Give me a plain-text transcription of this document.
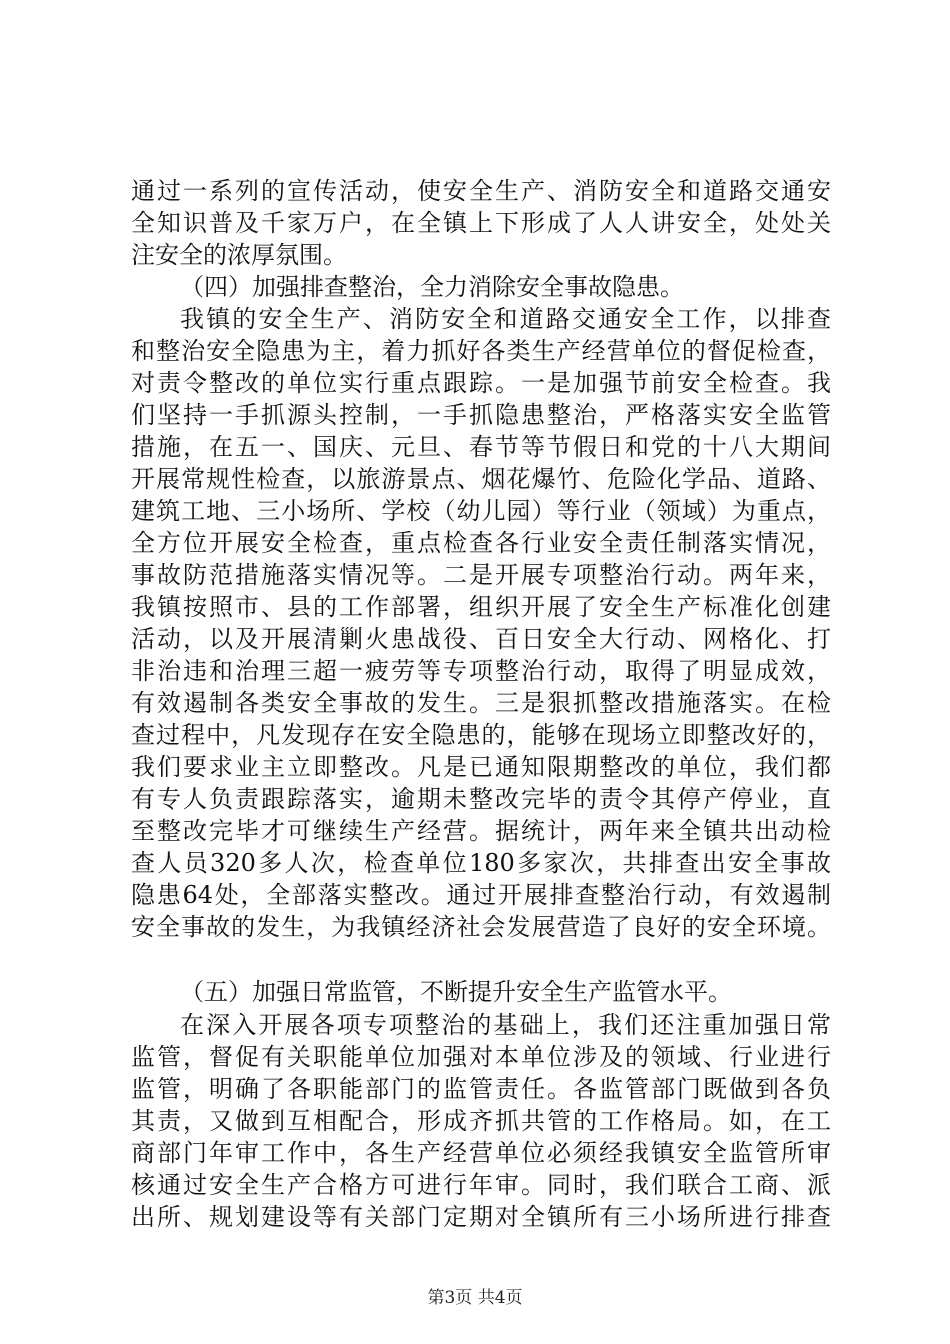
通过一系列的宣传活动，使安全生产、消防安全和道路交通安
全知识普及千家万户，在全镇上下形成了人人讲安全，处处关
注安全的浓厚氛围。
（四）加强排查整治，全力消除安全事故隐患。
我镇的安全生产、消防安全和道路交通安全工作，以排查
和整治安全隐患为主，着力抓好各类生产经营单位的督促检查，
对责令整改的单位实行重点跟踪。一是加强节前安全检查。我
们坚持一手抓源头控制，一手抓隐患整治，严格落实安全监管
措施，在五一、国庆、元旦、春节等节假日和党的十八大期间
开展常规性检查，以旅游景点、烟花爆竹、危险化学品、道路、
建筑工地、三小场所、学校（幼儿园）等行业（领域）为重点，
全方位开展安全检查，重点检查各行业安全责任制落实情况，
事故防范措施落实情况等。二是开展专项整治行动。两年来，
我镇按照市、县的工作部署，组织开展了安全生产标准化创建
活动，以及开展清剿火患战役、百日安全大行动、网格化、打
非治违和治理三超一疲劳等专项整治行动，取得了明显成效，
有效遏制各类安全事故的发生。三是狠抓整改措施落实。在检
查过程中，凡发现存在安全隐患的，能够在现场立即整改好的，
我们要求业主立即整改。凡是已通知限期整改的单位，我们都
有专人负责跟踪落实，逾期未整改完毕的责令其停产停业，直
至整改完毕才可继续生产经营。据统计，两年来全镇共出动检
查人员320多人次，检查单位180多家次，共排查出安全事故
隐患64处，全部落实整改。通过开展排查整治行动，有效遏制
安全事故的发生，为我镇经济社会发展营造了良好的安全环境。
（五）加强日常监管，不断提升安全生产监管水平。
在深入开展各项专项整治的基础上，我们还注重加强日常
监管，督促有关职能单位加强对本单位涉及的领域、行业进行
监管，明确了各职能部门的监管责任。各监管部门既做到各负
其责，又做到互相配合，形成齐抓共管的工作格局。如，在工
商部门年审工作中，各生产经营单位必须经我镇安全监管所审
核通过安全生产合格方可进行年审。同时，我们联合工商、派
出所、规划建设等有关部门定期对全镇所有三小场所进行排查
第3页 共4页
